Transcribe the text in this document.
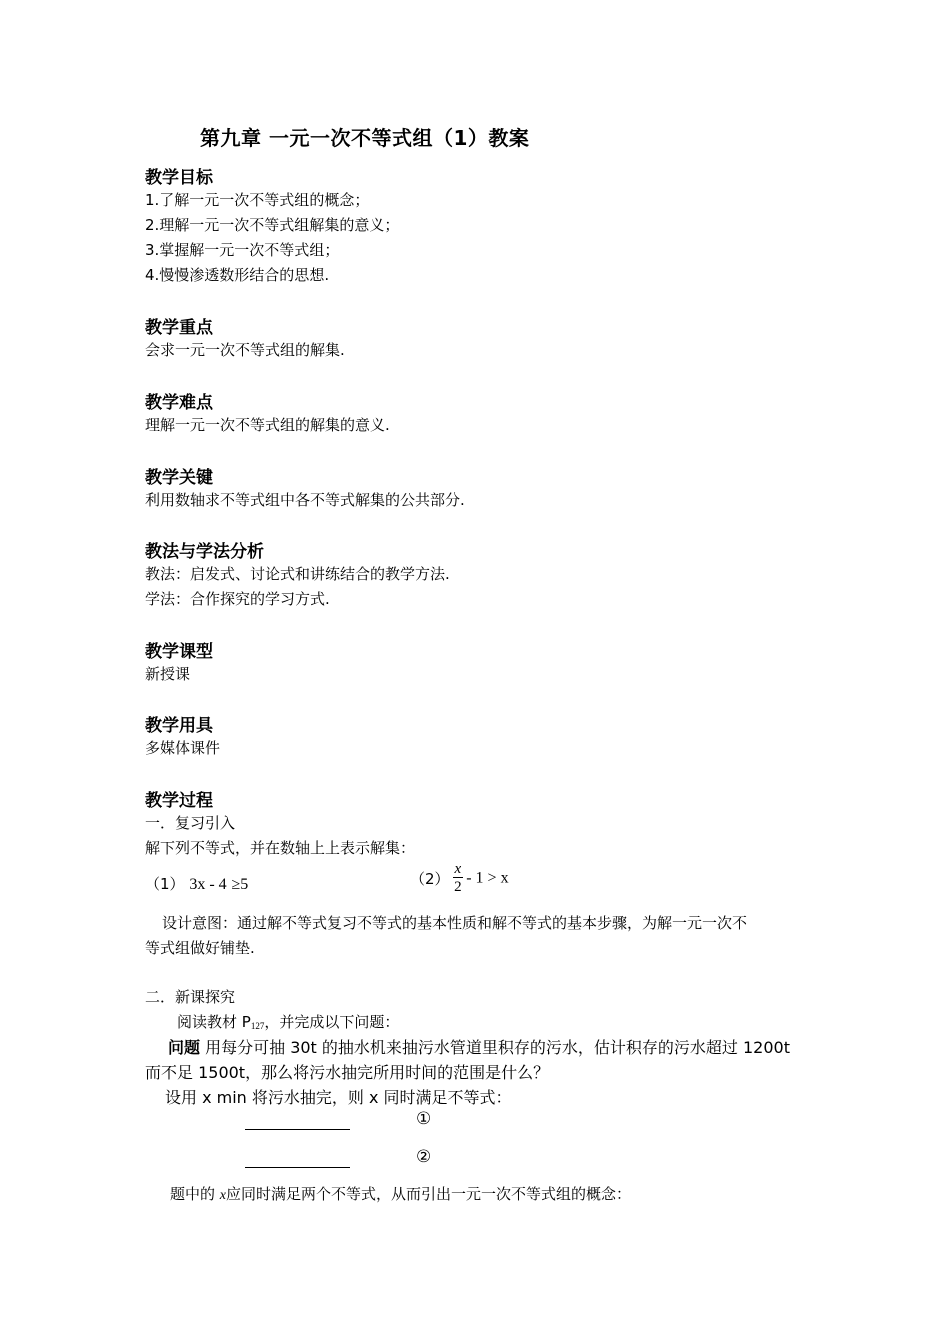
第九章 一元一次不等式组（1）教案
教学目标
1.了解一元一次不等式组的概念；
2.理解一元一次不等式组解集的意义；
3.掌握解一元一次不等式组；
4.慢慢渗透数形结合的思想.
教学重点
会求一元一次不等式组的解集.
教学难点
理解一元一次不等式组的解集的意义.
教学关键
利用数轴求不等式组中各不等式解集的公共部分.
教法与学法分析
教法：启发式、讨论式和讲练结合的教学方法.
学法：合作探究的学习方式.
教学课型
新授课
教学用具
多媒体课件
教学过程
一．复习引入
解下列不等式，并在数轴上上表示解集：
（1） 3x - 4 ≥5	$(2) \frac{x}{2} - 1 > x$
设计意图：通过解不等式复习不等式的基本性质和解不等式的基本步骤，为解一元一次不
等式组做好铺垫.
二．新课探究
阅读教材 $P_{127}$，并完成以下问题：
问题 用每分可抽 30t 的抽水机来抽污水管道里积存的污水，估计积存的污水超过 1200t
而不足 1500t，那么将污水抽完所用时间的范围是什么？
设用 x min 将污水抽完，则 x 同时满足不等式：
①
②
题中的 x应同时满足两个不等式，从而引出一元一次不等式组的概念：
